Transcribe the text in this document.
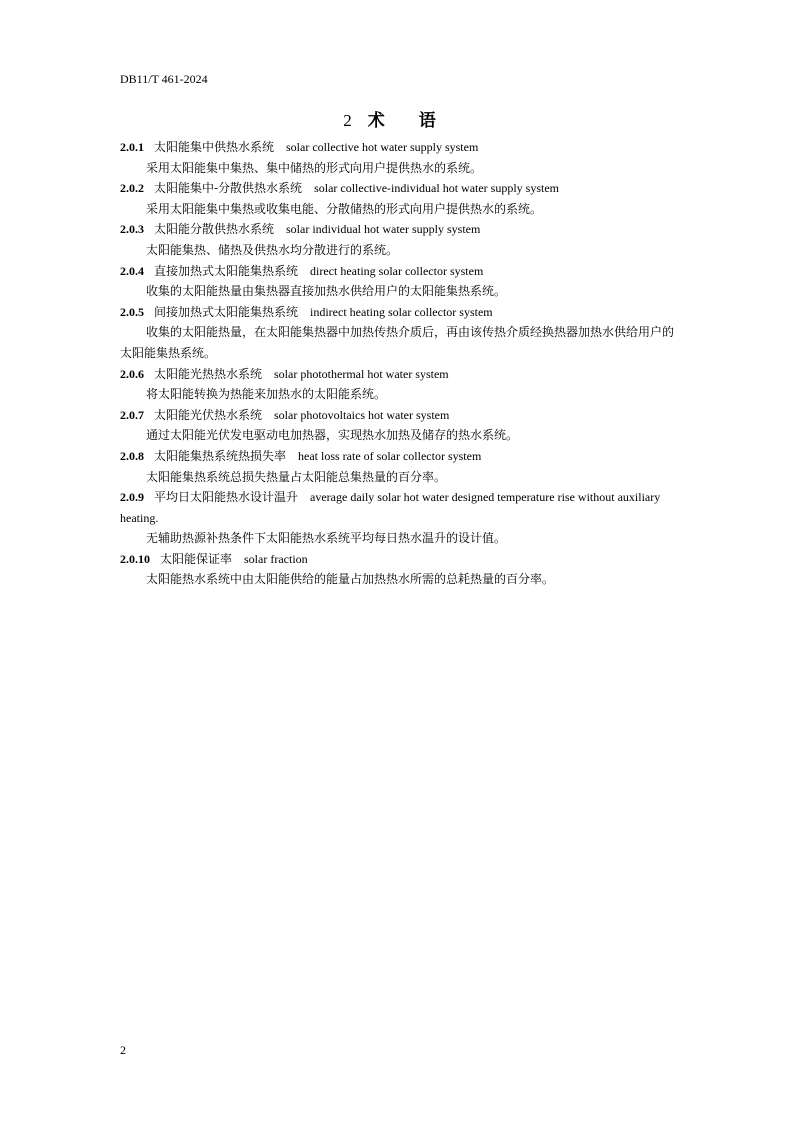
DB11/T 461-2024
2 术 语
2.0.1 太阳能集中供热水系统 solar collective hot water supply system
采用太阳能集中集热、集中储热的形式向用户提供热水的系统。
2.0.2 太阳能集中-分散供热水系统 solar collective-individual hot water supply system
采用太阳能集中集热或收集电能、分散储热的形式向用户提供热水的系统。
2.0.3 太阳能分散供热水系统 solar individual hot water supply system
太阳能集热、储热及供热水均分散进行的系统。
2.0.4 直接加热式太阳能集热系统 direct heating solar collector system
收集的太阳能热量由集热器直接加热水供给用户的太阳能集热系统。
2.0.5 间接加热式太阳能集热系统 indirect heating solar collector system
收集的太阳能热量，在太阳能集热器中加热传热介质后，再由该传热介质经换热器加热水供给用户的太阳能集热系统。
2.0.6 太阳能光热热水系统 solar photothermal hot water system
将太阳能转换为热能来加热水的太阳能系统。
2.0.7 太阳能光伏热水系统 solar photovoltaics hot water system
通过太阳能光伏发电驱动电加热器，实现热水加热及储存的热水系统。
2.0.8 太阳能集热系统热损失率 heat loss rate of solar collector system
太阳能集热系统总损失热量占太阳能总集热量的百分率。
2.0.9 平均日太阳能热水设计温升 average daily solar hot water designed temperature rise without auxiliary heating.
无辅助热源补热条件下太阳能热水系统平均每日热水温升的设计值。
2.0.10 太阳能保证率 solar fraction
太阳能热水系统中由太阳能供给的能量占加热热水所需的总耗热量的百分率。
2
